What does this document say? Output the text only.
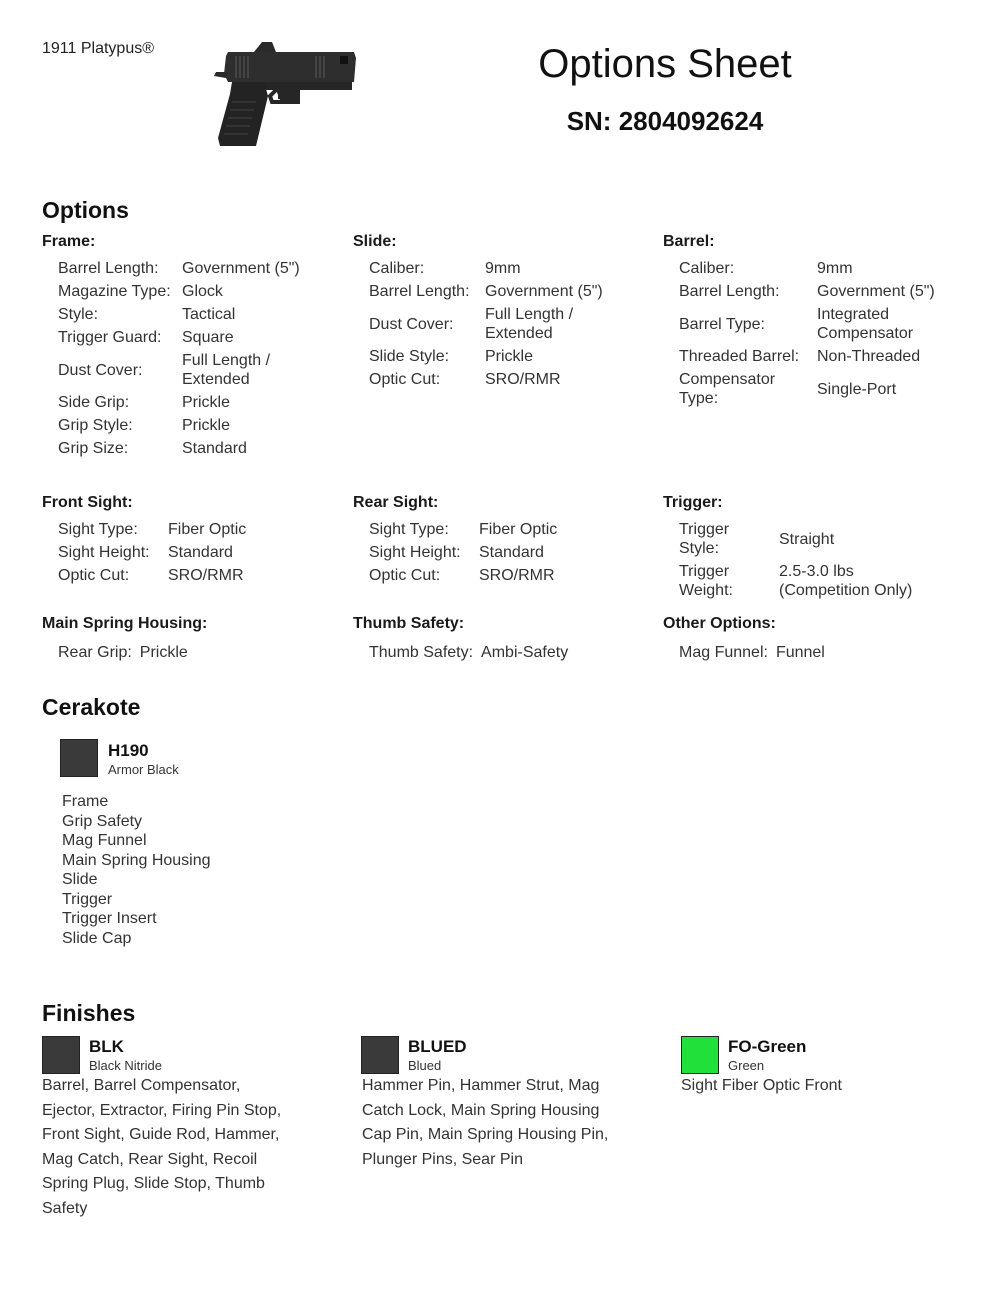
1911 Platypus®	Options Sheet
SN: 2804092624
Options
Frame:
Barrel Length:	Government (5")
Magazine Type:	Glock
Style:	Tactical
Trigger Guard:	Square
Dust Cover:	Full Length / Extended
Side Grip:	Prickle
Grip Style:	Prickle
Grip Size:	Standard
Slide:
Caliber:	9mm
Barrel Length:	Government (5")
Dust Cover:	Full Length / Extended
Slide Style:	Prickle
Optic Cut:	SRO/RMR
Barrel:
Caliber:	9mm
Barrel Length:	Government (5")
Barrel Type:	Integrated Compensator
Threaded Barrel:	Non-Threaded
Compensator Type:	Single-Port
Front Sight:
Sight Type:	Fiber Optic
Sight Height:	Standard
Optic Cut:	SRO/RMR
Rear Sight:
Sight Type:	Fiber Optic
Sight Height:	Standard
Optic Cut:	SRO/RMR
Trigger:
Trigger Style:	Straight
Trigger Weight:	2.5-3.0 lbs (Competition Only)
Main Spring Housing:
Rear Grip:	Prickle
Thumb Safety:
Thumb Safety:	Ambi-Safety
Other Options:
Mag Funnel:	Funnel
Cerakote
H190
Armor Black
Frame
Grip Safety
Mag Funnel
Main Spring Housing
Slide
Trigger
Trigger Insert
Slide Cap
Finishes
BLK
Black Nitride
Barrel, Barrel Compensator,
Ejector, Extractor, Firing Pin Stop,
Front Sight, Guide Rod, Hammer,
Mag Catch, Rear Sight, Recoil
Spring Plug, Slide Stop, Thumb
Safety
BLUED
Blued
Hammer Pin, Hammer Strut, Mag
Catch Lock, Main Spring Housing
Cap Pin, Main Spring Housing Pin,
Plunger Pins, Sear Pin
FO-Green
Green
Sight Fiber Optic Front
